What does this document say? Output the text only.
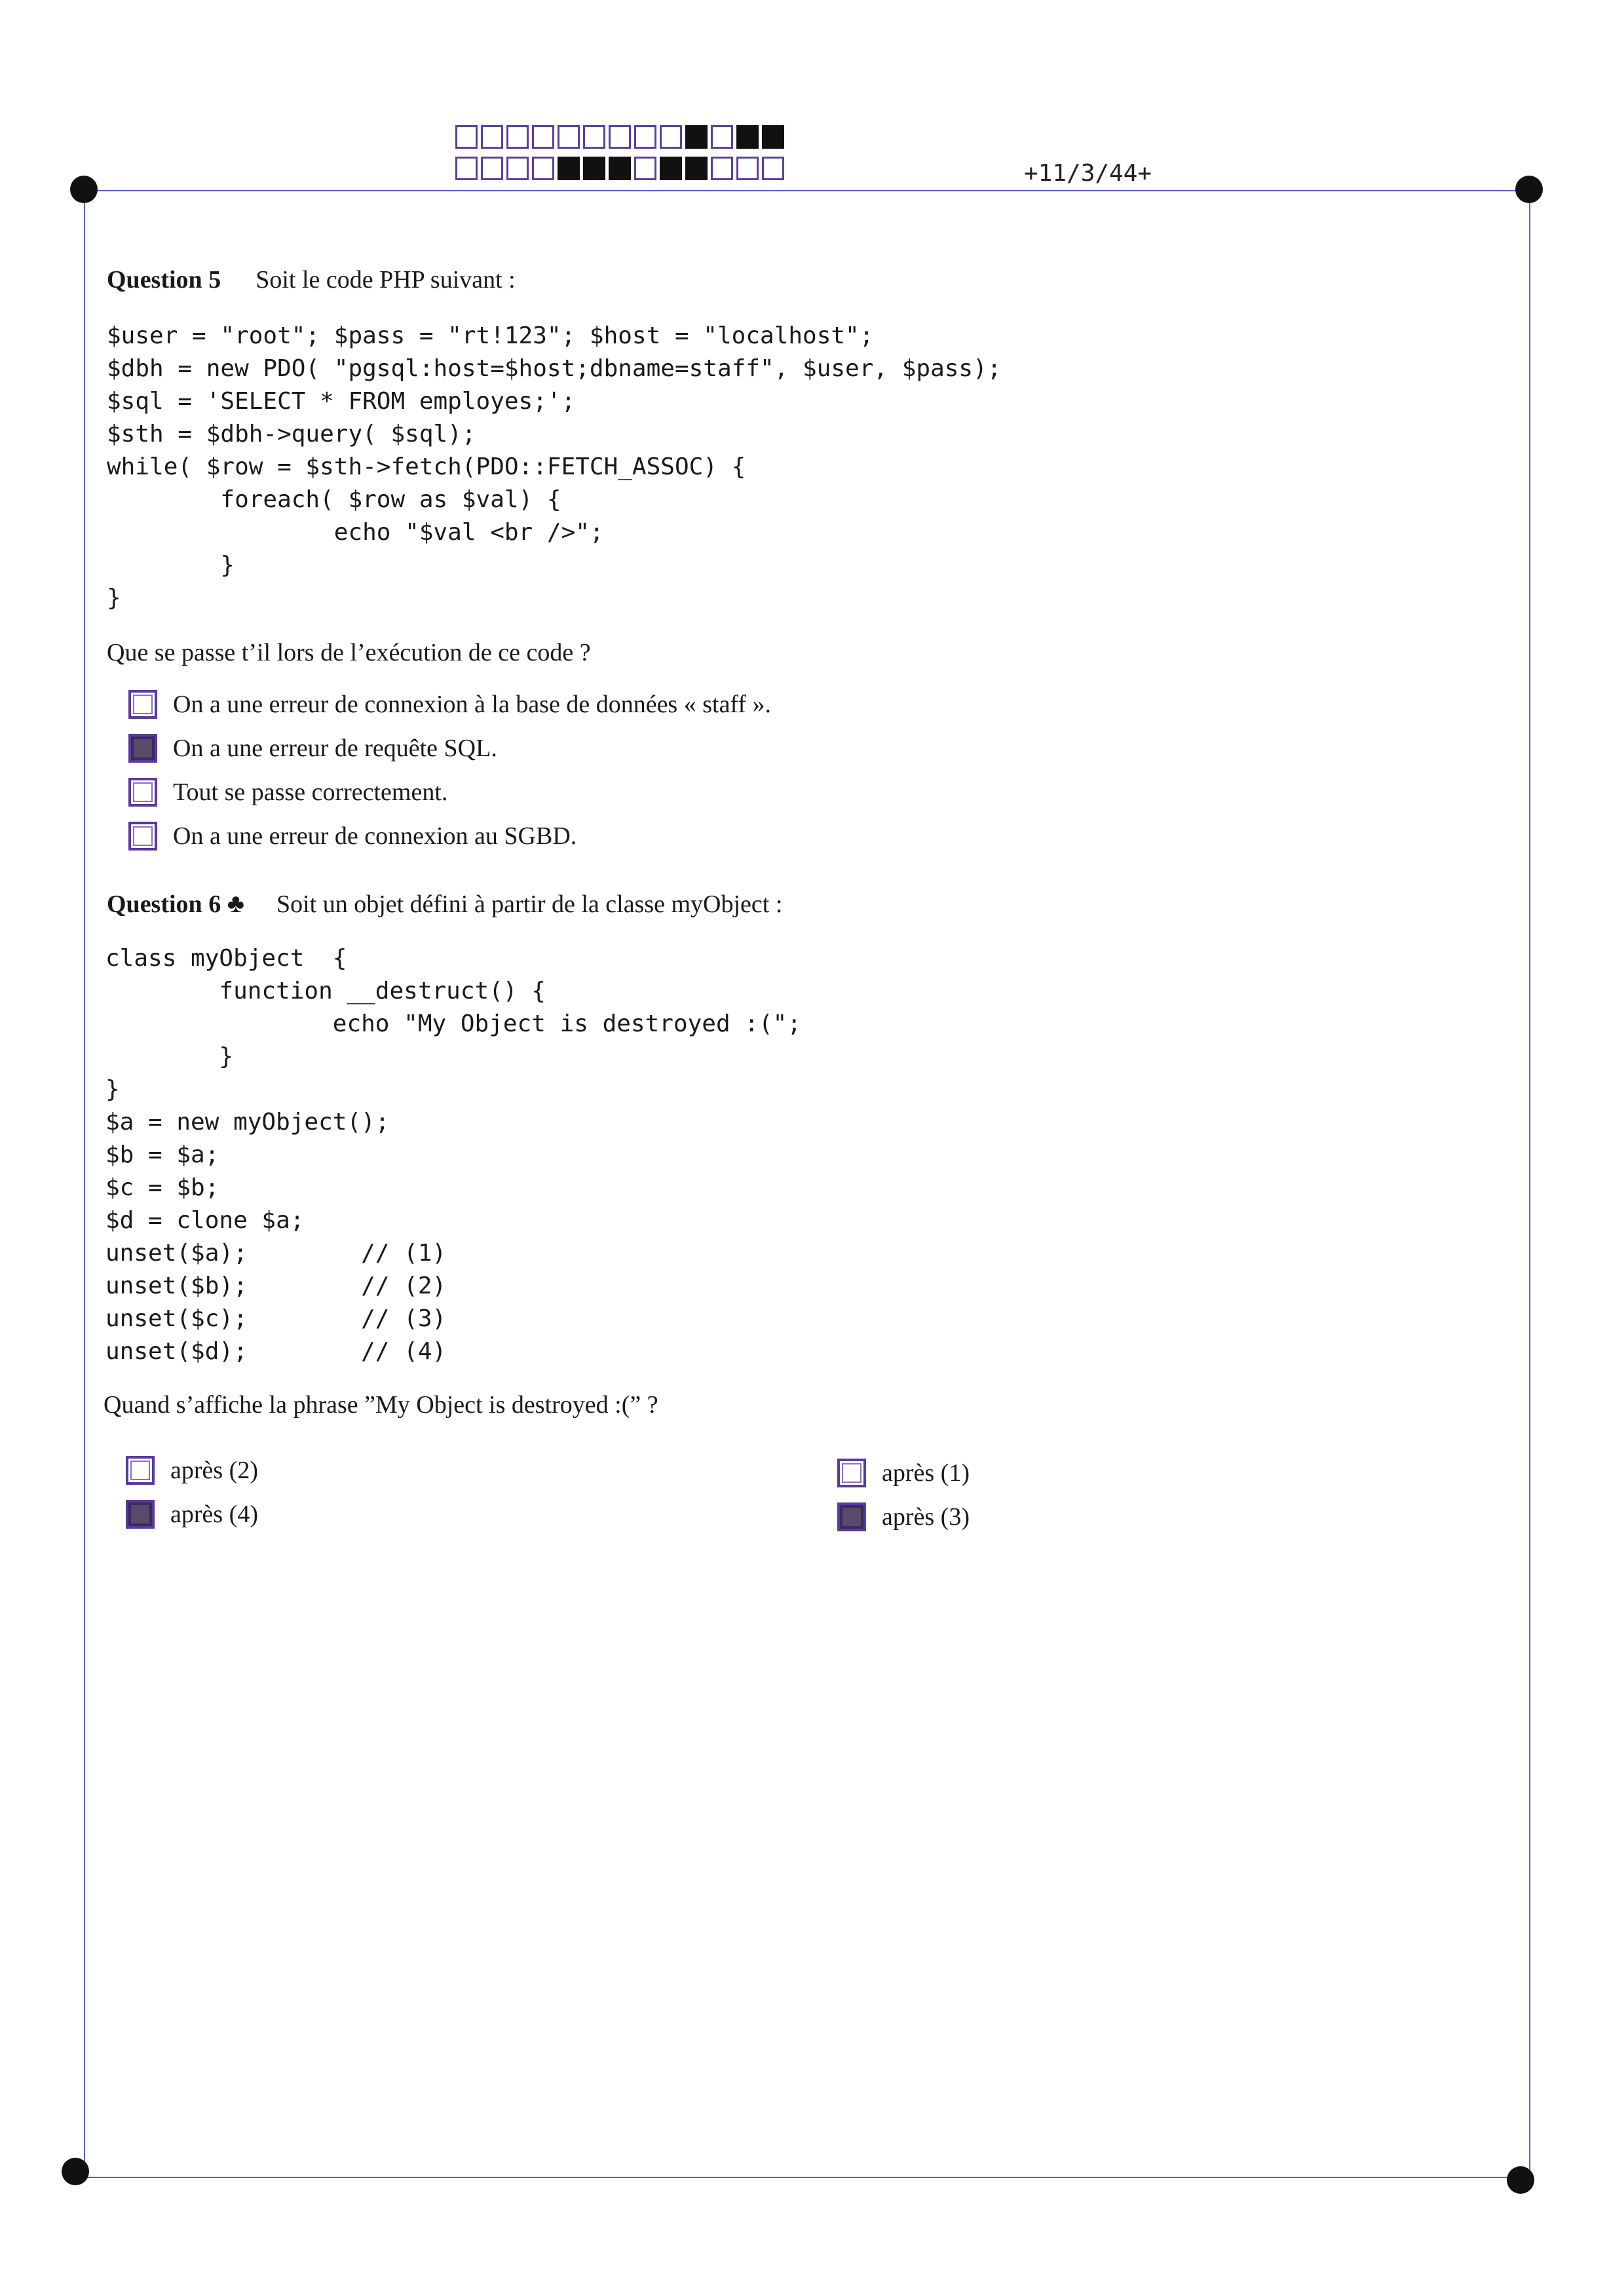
+11/3/44+
Question 5 Soit le code PHP suivant :
$user = "root"; $pass = "rt!123"; $host = "localhost";
$dbh = new PDO( "pgsql:host=$host;dbname=staff", $user, $pass);
$sql = 'SELECT * FROM employes;';
$sth = $dbh->query( $sql);
while( $row = $sth->fetch(PDO::FETCH_ASSOC) {
foreach( $row as $val) {
echo "$val <br />";
}
}
Que se passe t’il lors de l’exécution de ce code ?
On a une erreur de connexion à la base de données « staff ».
On a une erreur de requête SQL.
Tout se passe correctement.
On a une erreur de connexion au SGBD.
Question 6 ♣ Soit un objet défini à partir de la classe myObject :
class myObject  {
function __destruct() {
echo "My Object is destroyed :(";
}
}
$a = new myObject();
$b = $a;
$c = $b;
$d = clone $a;
unset($a);        // (1)
unset($b);        // (2)
unset($c);        // (3)
unset($d);        // (4)
Quand s’affiche la phrase ”My Object is destroyed :(” ?
après (2)
après (4)
après (1)
après (3)
